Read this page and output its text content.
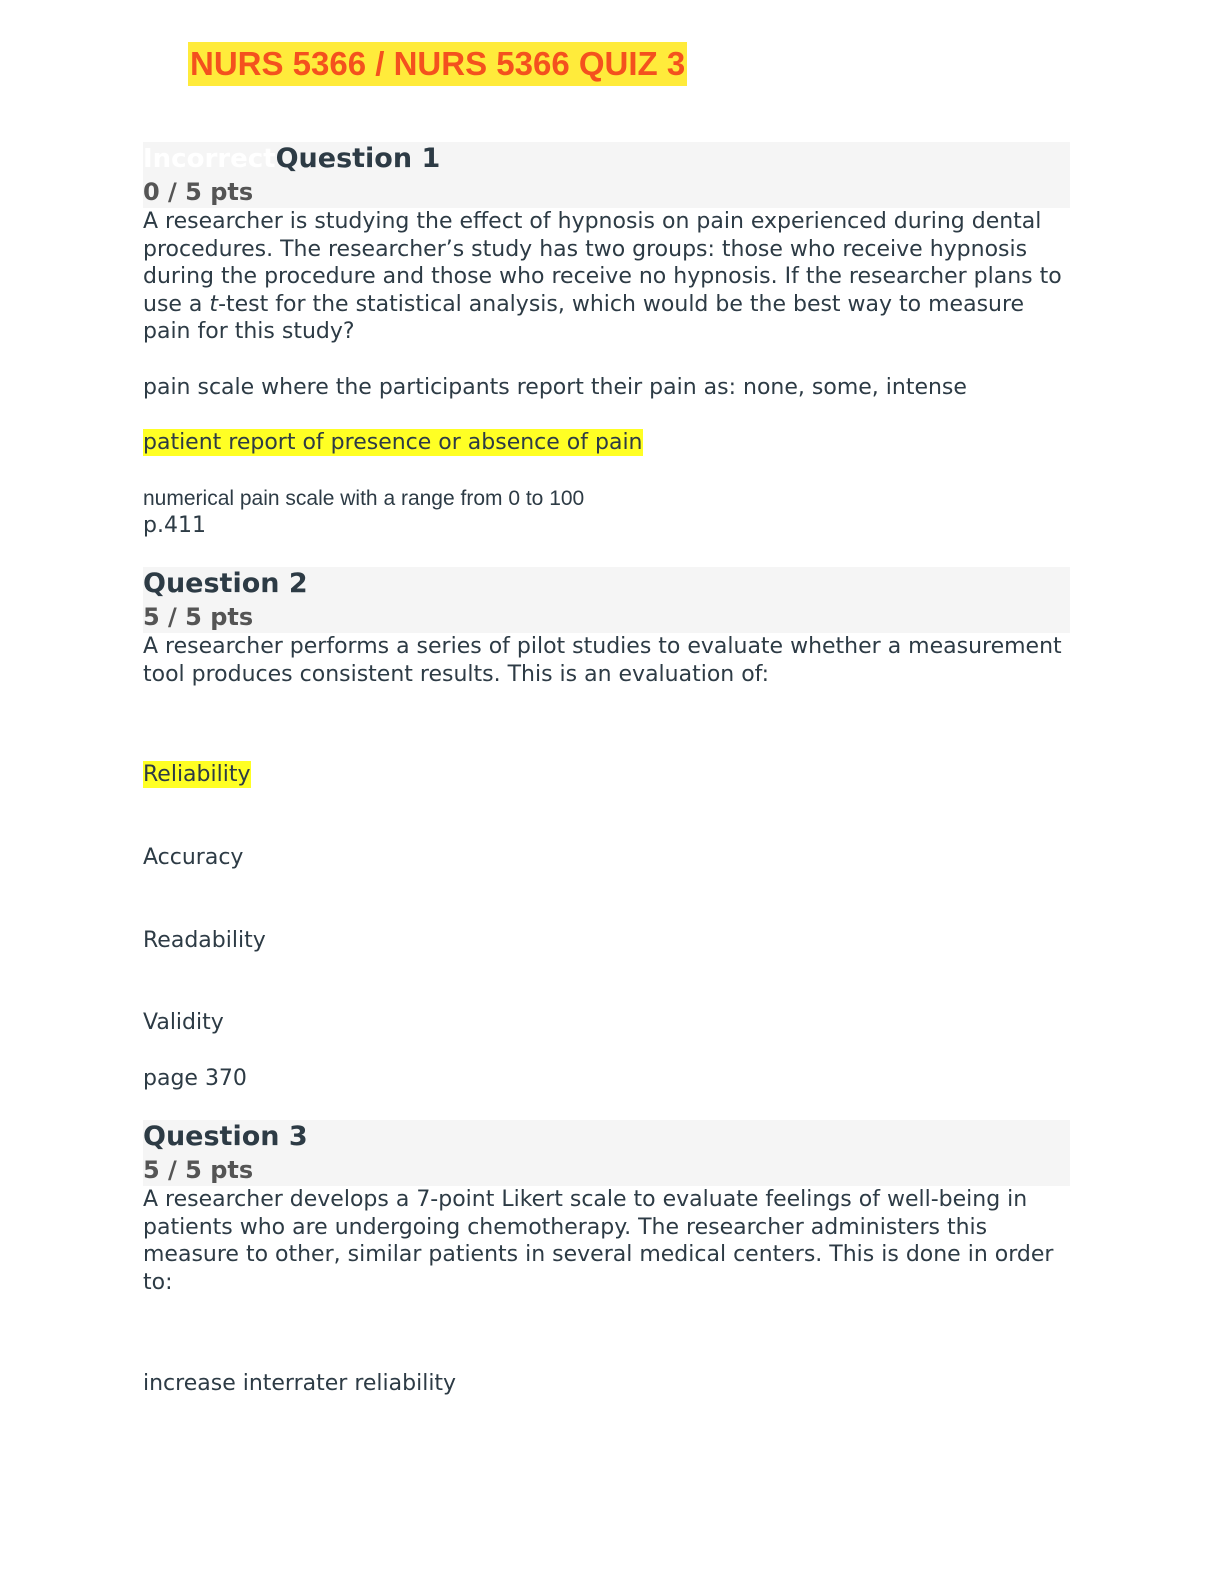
NURS 5366 / NURS 5366 QUIZ 3
IncorrectQuestion 1
0 / 5 pts

A researcher is studying the effect of hypnosis on pain experienced during dental procedures. The researcher’s study has two groups: those who receive hypnosis during the procedure and those who receive no hypnosis. If the researcher plans to use a t-test for the statistical analysis, which would be the best way to measure pain for this study?

pain scale where the participants report their pain as: none, some, intense
patient report of presence or absence of pain
numerical pain scale with a range from 0 to 100
p.411
Question 2
5 / 5 pts

A researcher performs a series of pilot studies to evaluate whether a measurement tool produces consistent results. This is an evaluation of:

Reliability
Accuracy
Readability
Validity
page 370
Question 3
5 / 5 pts

A researcher develops a 7-point Likert scale to evaluate feelings of well-being in patients who are undergoing chemotherapy. The researcher administers this measure to other, similar patients in several medical centers. This is done in order to:

increase interrater reliability
